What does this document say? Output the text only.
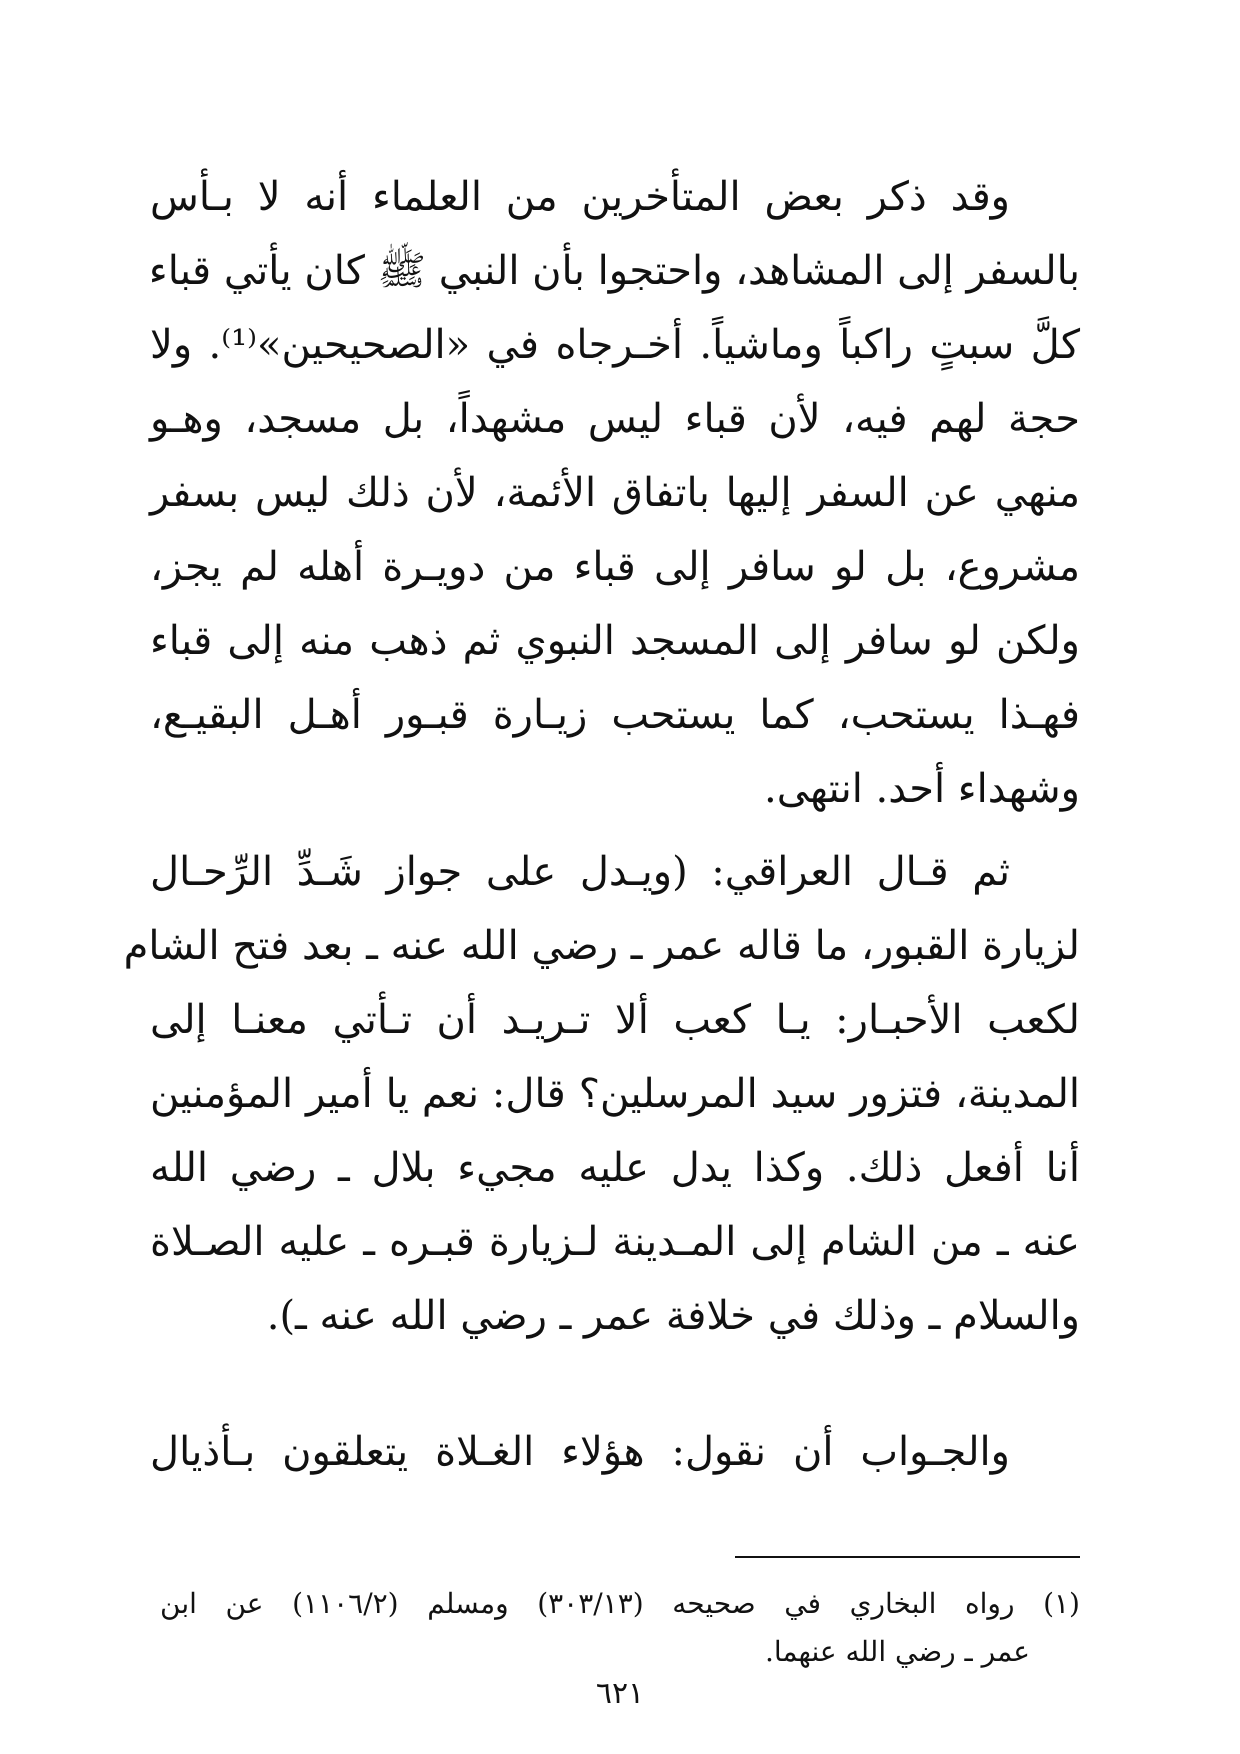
وقد ذكر بعض المتأخرين من العلماء أنه لا بـأس
بالسفر إلى المشاهد، واحتجوا بأن النبي ﷺ كان يأتي قباء
كلَّ سبتٍ راكباً وماشياً. أخـرجاه في «الصحيحين»⁽¹⁾. ولا
حجة لهم فيه، لأن قباء ليس مشهداً، بل مسجد، وهـو
منهي عن السفر إليها باتفاق الأئمة، لأن ذلك ليس بسفر
مشروع، بل لو سافر إلى قباء من دويـرة أهله لم يجز،
ولكن لو سافر إلى المسجد النبوي ثم ذهب منه إلى قباء
فهـذا يستحب، كما يستحب زيـارة قبـور أهـل البقيـع،
وشهداء أحد. انتهى.
ثم قـال العراقي: (ويـدل على جواز شَـدِّ الرِّحـال
لزيارة القبور، ما قاله عمر ـ رضي الله عنه ـ بعد فتح الشام
لكعب الأحبـار: يـا كعب ألا تـريـد أن تـأتي معنـا إلى
المدينة، فتزور سيد المرسلين؟ قال: نعم يا أمير المؤمنين
أنا أفعل ذلك. وكذا يدل عليه مجيء بلال ـ رضي الله
عنه ـ من الشام إلى المـدينة لـزيارة قبـره ـ عليه الصـلاة
والسلام ـ وذلك في خلافة عمر ـ رضي الله عنه ـ).
والجـواب أن نقول: هؤلاء الغـلاة يتعلقون بـأذيال
(١) رواه البخاري في صحيحه (٣٠٣/١٣) ومسلم (١١٠٦/٢) عن ابن
عمر ـ رضي الله عنهما.
٦٢١
